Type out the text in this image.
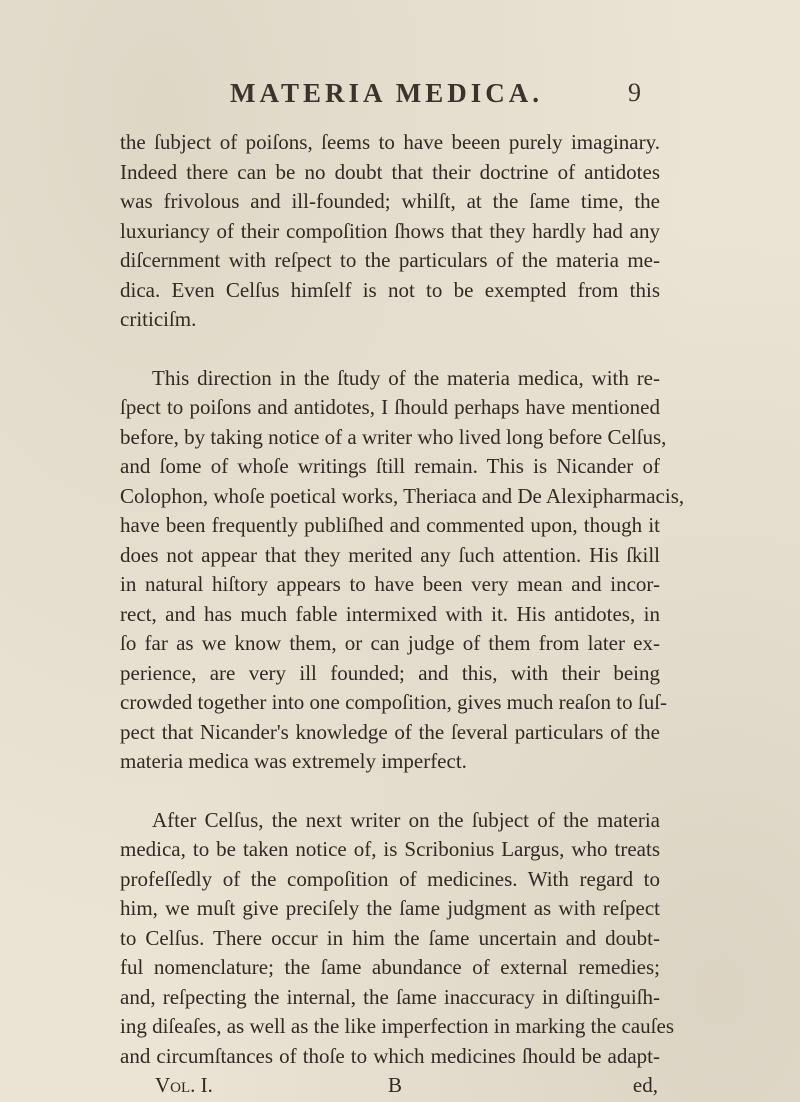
MATERIA MEDICA.	9
the ſubject of poiſons, ſeems to have beeen purely imaginary.
Indeed there can be no doubt that their doctrine of antidotes
was frivolous and ill-founded; whilſt, at the ſame time, the
luxuriancy of their compoſition ſhows that they hardly had any
diſcernment with reſpect to the particulars of the materia me-
dica. Even Celſus himſelf is not to be exempted from this
criticiſm.
This direction in the ſtudy of the materia medica, with re-
ſpect to poiſons and antidotes, I ſhould perhaps have mentioned
before, by taking notice of a writer who lived long before Celſus,
and ſome of whoſe writings ſtill remain. This is Nicander of
Colophon, whoſe poetical works, Theriaca and De Alexipharmacis,
have been frequently publiſhed and commented upon, though it
does not appear that they merited any ſuch attention. His ſkill
in natural hiſtory appears to have been very mean and incor-
rect, and has much fable intermixed with it. His antidotes, in
ſo far as we know them, or can judge of them from later ex-
perience, are very ill founded; and this, with their being
crowded together into one compoſition, gives much reaſon to ſuſ-
pect that Nicander's knowledge of the ſeveral particulars of the
materia medica was extremely imperfect.
After Celſus, the next writer on the ſubject of the materia
medica, to be taken notice of, is Scribonius Largus, who treats
profeſſedly of the compoſition of medicines. With regard to
him, we muſt give preciſely the ſame judgment as with reſpect
to Celſus. There occur in him the ſame uncertain and doubt-
ful nomenclature; the ſame abundance of external remedies;
and, reſpecting the internal, the ſame inaccuracy in diſtinguiſh-
ing diſeaſes, as well as the like imperfection in marking the cauſes
and circumſtances of thoſe to which medicines ſhould be adapt-
Vol. I.	B	ed,
